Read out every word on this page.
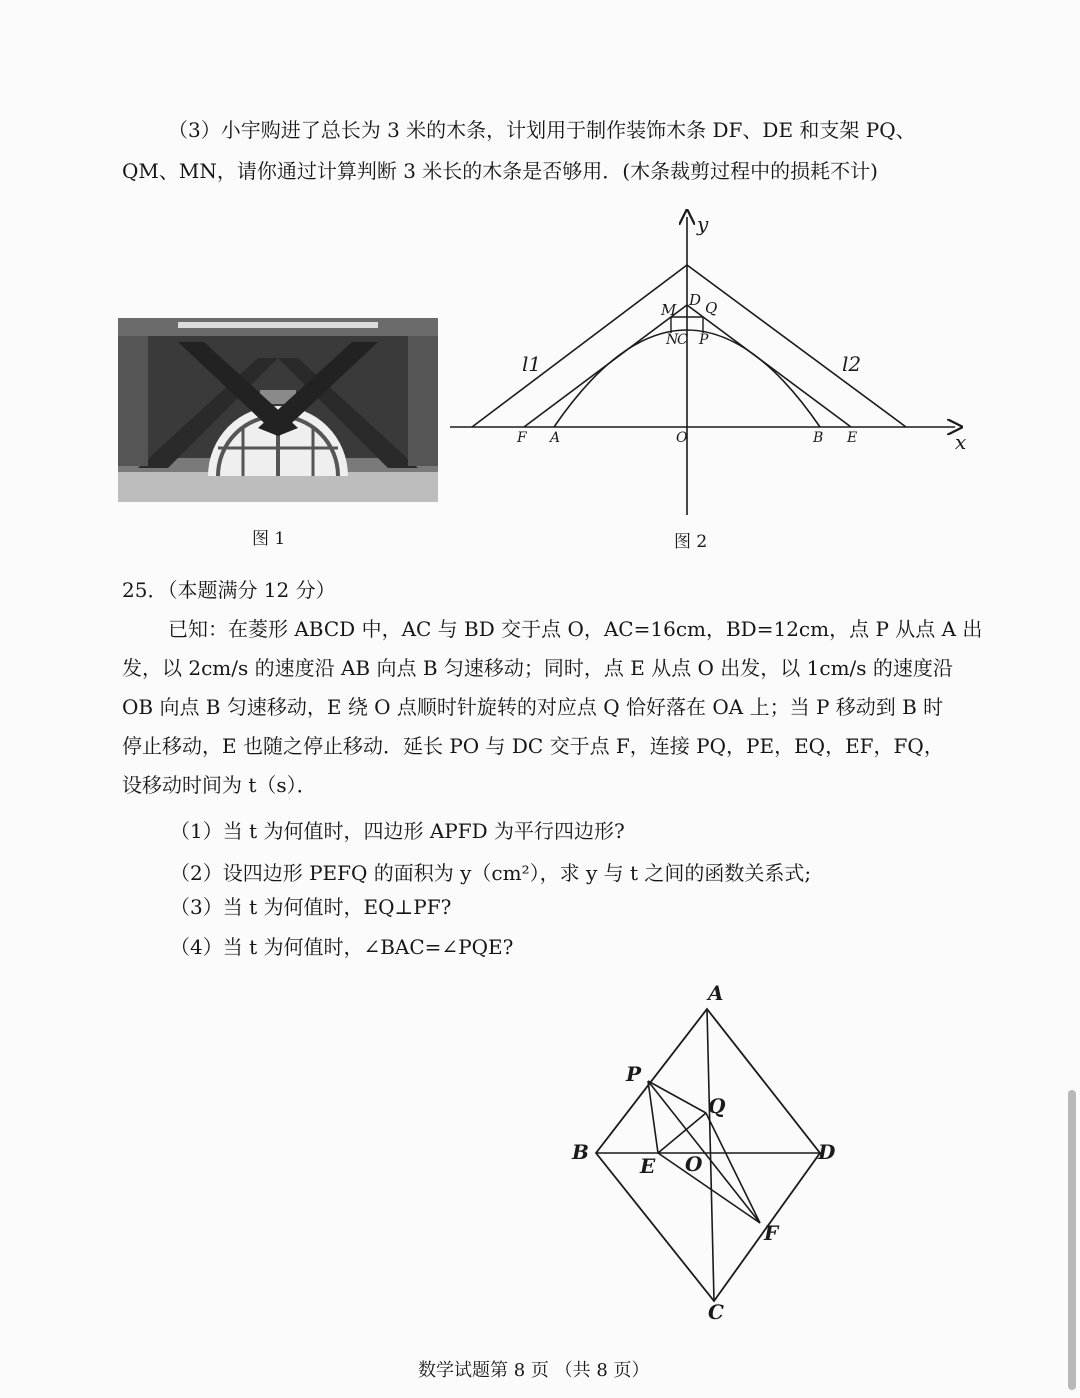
（3）小宇购进了总长为 3 米的木条，计划用于制作装饰木条 DF、DE 和支架 PQ、
QM、MN，请你通过计算判断 3 米长的木条是否够用．(木条裁剪过程中的损耗不计)
图 1
y
x
D
M Q
N
C P
l1	l2
F A	O	B E
图 2
25．（本题满分 12 分）
已知：在菱形 ABCD 中，AC 与 BD 交于点 O，AC=16cm，BD=12cm，点 P 从点 A 出
发，以 2cm/s 的速度沿 AB 向点 B 匀速移动；同时，点 E 从点 O 出发，以 1cm/s 的速度沿
OB 向点 B 匀速移动，E 绕 O 点顺时针旋转的对应点 Q 恰好落在 OA 上；当 P 移动到 B 时
停止移动，E 也随之停止移动．延长 PO 与 DC 交于点 F，连接 PQ，PE，EQ，EF，FQ，
设移动时间为 t（s）．
（1）当 t 为何值时，四边形 APFD 为平行四边形?
（2）设四边形 PEFQ 的面积为 y（cm²），求 y 与 t 之间的函数关系式;
（3）当 t 为何值时，EQ⊥PF?
（4）当 t 为何值时，∠BAC=∠PQE?
A
P
Q
B
E O	D
F
C
数学试题第 8 页 （共 8 页）
